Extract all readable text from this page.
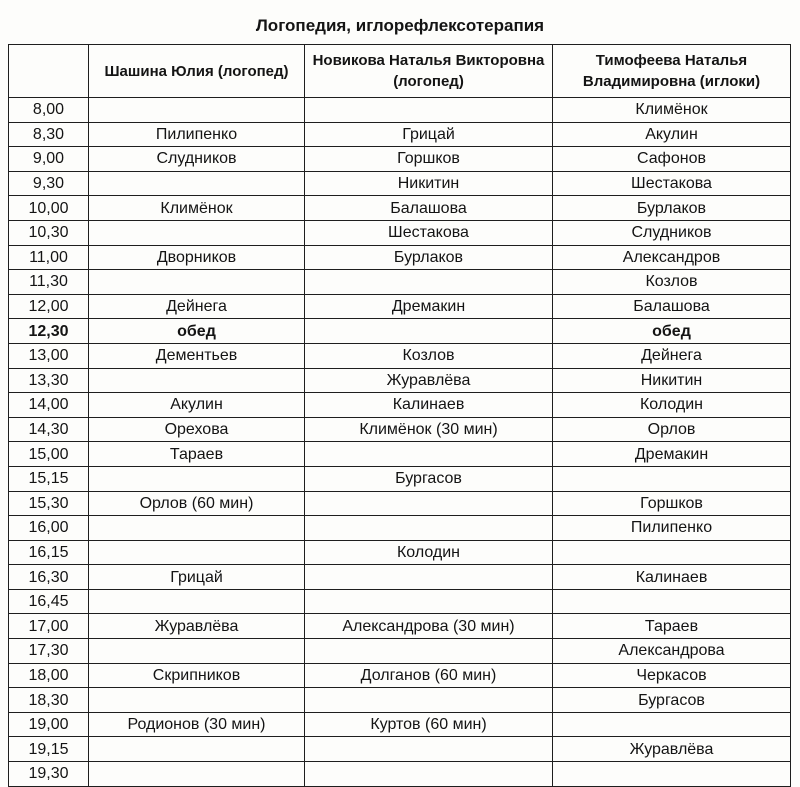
Логопедия, иглорефлексотерапия
	Шашина Юлия (логопед)	Новикова Наталья Викторовна (логопед)	Тимофеева Наталья Владимировна (иглоки)
8,00			Климёнок
8,30	Пилипенко	Грицай	Акулин
9,00	Слудников	Горшков	Сафонов
9,30		Никитин	Шестакова
10,00	Климёнок	Балашова	Бурлаков
10,30		Шестакова	Слудников
11,00	Дворников	Бурлаков	Александров
11,30			Козлов
12,00	Дейнега	Дремакин	Балашова
12,30	обед		обед
13,00	Дементьев	Козлов	Дейнега
13,30		Журавлёва	Никитин
14,00	Акулин	Калинаев	Колодин
14,30	Орехова	Климёнок (30 мин)	Орлов
15,00	Тараев		Дремакин
15,15		Бургасов	
15,30	Орлов (60 мин)		Горшков
16,00			Пилипенко
16,15		Колодин	
16,30	Грицай		Калинаев
16,45			
17,00	Журавлёва	Александрова (30 мин)	Тараев
17,30			Александрова
18,00	Скрипников	Долганов (60 мин)	Черкасов
18,30			Бургасов
19,00	Родионов (30 мин)	Куртов (60 мин)	
19,15			Журавлёва
19,30			
